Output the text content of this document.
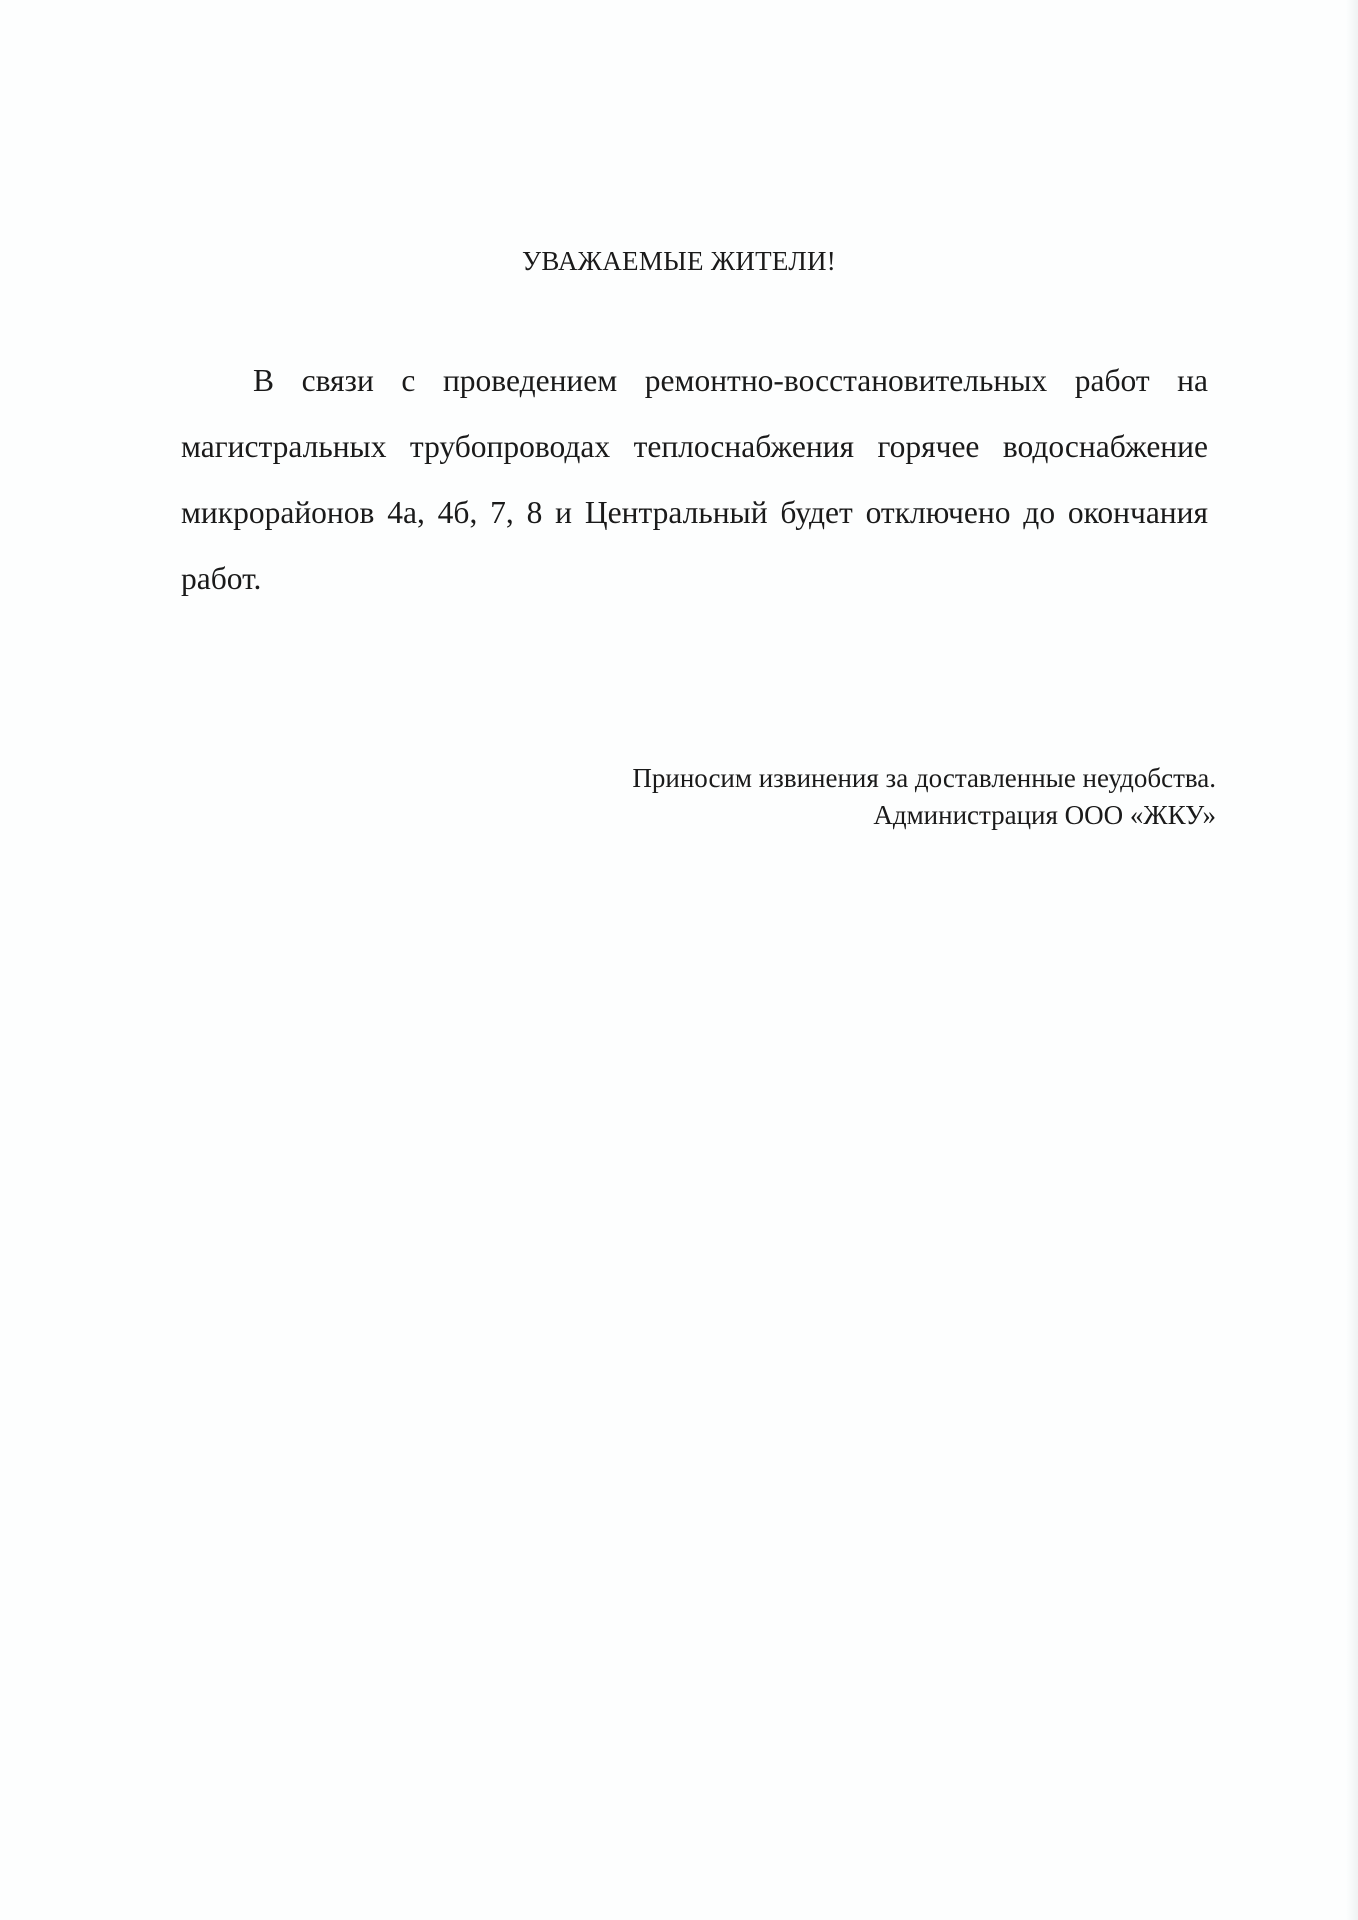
УВАЖАЕМЫЕ ЖИТЕЛИ!

В связи с проведением ремонтно-восстановительных работ на магистральных трубопроводах теплоснабжения горячее водоснабжение микрорайонов 4а, 4б, 7, 8 и Центральный будет отключено до окончания работ.

Приносим извинения за доставленные неудобства.
Администрация ООО «ЖКУ»
